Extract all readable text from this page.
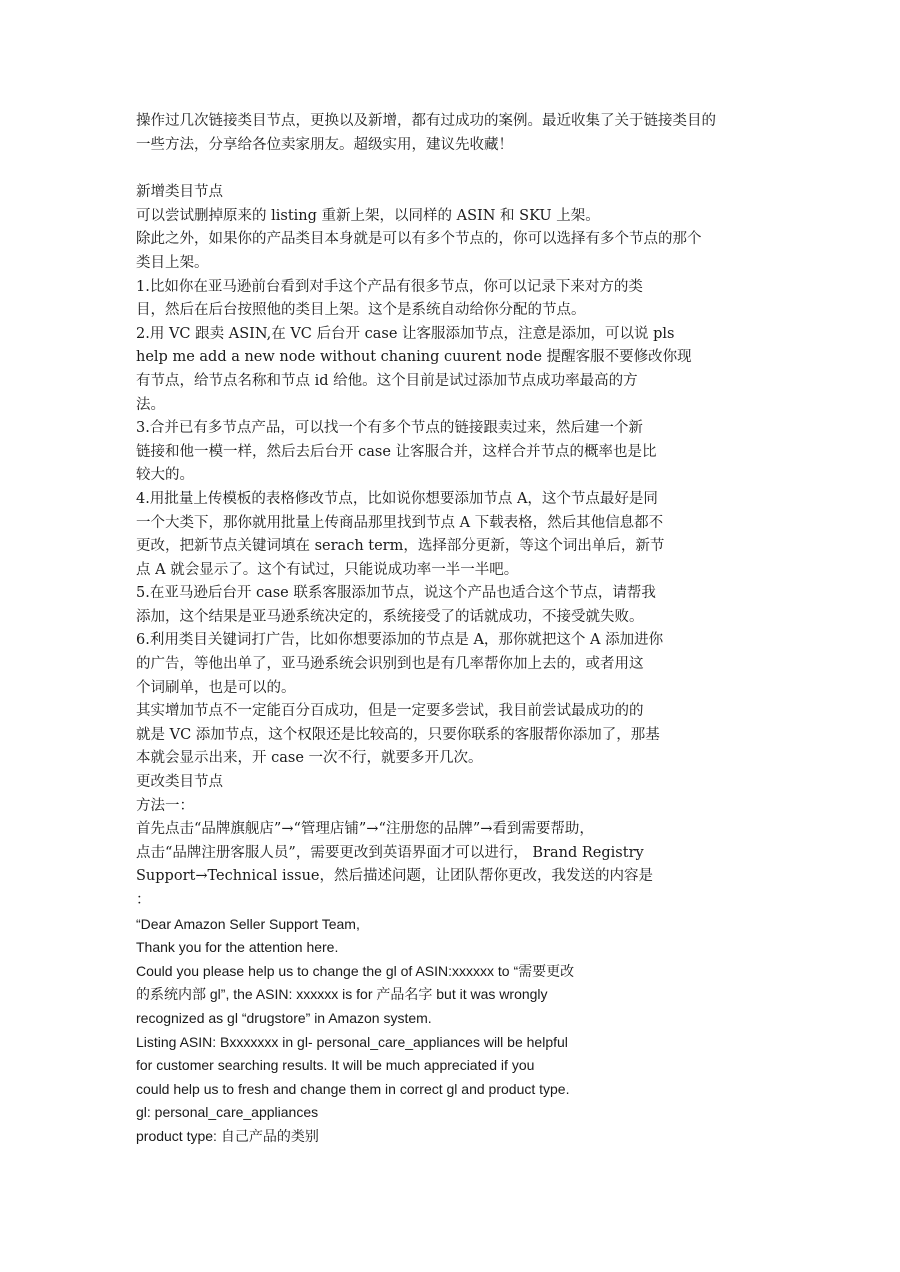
操作过几次链接类目节点，更换以及新增，都有过成功的案例。最近收集了关于链接类目的
一些方法，分享给各位卖家朋友。超级实用，建议先收藏！
新增类目节点
可以尝试删掉原来的 listing 重新上架，以同样的 ASIN 和 SKU 上架。
除此之外，如果你的产品类目本身就是可以有多个节点的，你可以选择有多个节点的那个
类目上架。
1.比如你在亚马逊前台看到对手这个产品有很多节点，你可以记录下来对方的类
目，然后在后台按照他的类目上架。这个是系统自动给你分配的节点。
2.用 VC 跟卖 ASIN,在 VC 后台开 case 让客服添加节点，注意是添加，可以说 pls
help me add a new node without chaning cuurent node 提醒客服不要修改你现
有节点，给节点名称和节点 id 给他。这个目前是试过添加节点成功率最高的方
法。
3.合并已有多节点产品，可以找一个有多个节点的链接跟卖过来，然后建一个新
链接和他一模一样，然后去后台开 case 让客服合并，这样合并节点的概率也是比
较大的。
4.用批量上传模板的表格修改节点，比如说你想要添加节点 A，这个节点最好是同
一个大类下，那你就用批量上传商品那里找到节点 A 下载表格，然后其他信息都不
更改，把新节点关键词填在 serach term，选择部分更新，等这个词出单后，新节
点 A 就会显示了。这个有试过，只能说成功率一半一半吧。
5.在亚马逊后台开 case 联系客服添加节点，说这个产品也适合这个节点，请帮我
添加，这个结果是亚马逊系统决定的，系统接受了的话就成功，不接受就失败。
6.利用类目关键词打广告，比如你想要添加的节点是 A，那你就把这个 A 添加进你
的广告，等他出单了，亚马逊系统会识别到也是有几率帮你加上去的，或者用这
个词刷单，也是可以的。
其实增加节点不一定能百分百成功，但是一定要多尝试，我目前尝试最成功的的
就是 VC 添加节点，这个权限还是比较高的，只要你联系的客服帮你添加了，那基
本就会显示出来，开 case 一次不行，就要多开几次。
更改类目节点
方法一：
首先点击“品牌旗舰店”→“管理店铺”→“注册您的品牌”→看到需要帮助，
点击“品牌注册客服人员”，需要更改到英语界面才可以进行， Brand Registry
Support→Technical issue，然后描述问题，让团队帮你更改，我发送的内容是
：
“Dear Amazon Seller Support Team,
Thank you for the attention here.
Could you please help us to change the gl of ASIN:xxxxxx to “需要更改
的系统内部 gl”, the ASIN: xxxxxx is for 产品名字 but it was wrongly
recognized as gl “drugstore” in Amazon system.
Listing ASIN: Bxxxxxxx in gl- personal_care_appliances will be helpful
for customer searching results. It will be much appreciated if you
could help us to fresh and change them in correct gl and product type.
gl: personal_care_appliances
product type: 自己产品的类别
